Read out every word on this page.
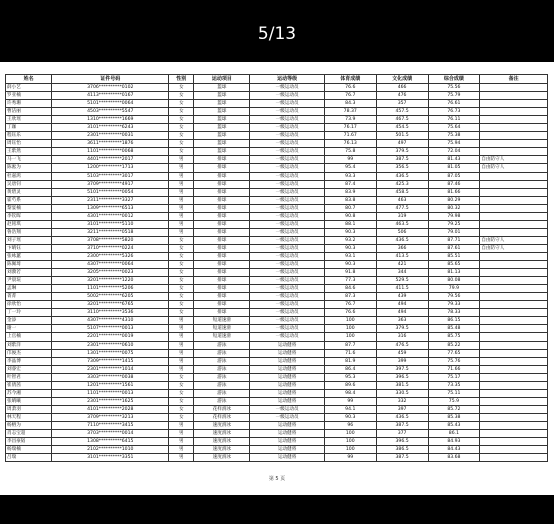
5/13
姓名	证件号码	性别	运动项目	运动等级	体育成绩	文化成绩	综合成绩	备注
薛小艺	3706**********0102	女	篮球	一级运动员	76.6	466	75.56	
罗亚楠	4113**********0167	女	篮球	一级运动员	76.7	476	75.79	
许秀珊	5101**********0064	女	篮球	一级运动员	84.3	357	76.61	
曹洁丽	4503**********5547	女	篮球	一级运动员	78.37	457.5	76.73	
王欣瑶	1310**********1669	女	篮球	一级运动员	73.9	467.5	76.11	
丁珈	3101**********6243	女	篮球	一级运动员	76.17	454.5	75.64	
程钰乐	2301**********0031	女	篮球	一级运动员	71.67	501.5	75.38	
周钰怡	3611**********1876	女	篮球	一级运动员	76.13	497	75.94	
王紫然	1101**********0068	女	篮球	一级运动员	75.8	379.5	72.04	
马一飞	4401**********2017	男	排球	一级运动员	99	387.5	81.43	自由防守人
陈淞为	1200**********1713	男	排球	一级运动员	95.4	356.5	81.05	自由防守人
杜嘉鸿	5103**********3017	男	排球	一级运动员	93.3	436.5	87.05	
吴唐钊	3709**********4917	男	排球	一级运动员	87.4	425.3	87.46	
黄碧灵	5101**********0054	男	排球	一级运动员	83.9	458.5	81.66	
霍芍系	2311**********3327	男	排球	一级运动员	83.8	463	80.29	
黎宴楠	1309**********6513	男	排球	一级运动员	80.7	477.5	80.32	
李钦晖	4301**********0012	男	排球	一级运动员	90.8	319	79.98	
赵铭琪	3101**********5110	男	排球	一级运动员	88.1	463.5	79.25	
鲁浩翔	3211**********0518	男	排球	一级运动员	90.3	506	79.01	
刘子瑶	3708**********5820	女	排球	一级运动员	93.2	436.5	87.71	自由防守人
卞晴钰	3710**********0224	女	排球	一级运动员	90.3	366	87.61	自由防守人
张咏蕙	2300**********5326	女	排球	一级运动员	93.1	413.5	85.51	
陈佩琦	4307**********0064	女	排球	一级运动员	90.3	421	85.65	
刘漪若	3205**********0023	女	排球	一级运动员	91.8	344	81.13	
尹晨瑄	3201**********1220	女	排球	一级运动员	77.3	529.5	80.08	
孟琳	1101**********5206	女	排球	一级运动员	84.6	411.5	79.9	
菁菁	5002**********6205	女	排球	一级运动员	87.3	439	79.56	
徐欣怡	3201**********6765	女	排球	一级运动员	76.7	494	79.33	
丁一玲	3110**********3536	女	排球	一级运动员	76.6	494	78.33	
金添	4307**********4310	男	短道速滑	一级运动员	100	363	86.15	
谢一	5107**********0013	男	短道速滑	一级运动员	100	379.5	85.48	
上官楠	2201**********0019	男	短道速滑	一级运动员	100	316	85.75	
刘紫洋	2301**********0610	男	游泳	运动健将	87.7	476.5	85.22	
邝俊杰	1301**********0075	男	游泳	运动健将	71.6	459	77.65	
李晶博	7309**********1415	男	游泳	运动健将	81.9	399	75.76	
刘睿宏	2301**********1014	男	游泳	运动健将	86.4	397.5	71.66	
叶智君	3303**********0038	女	游泳	运动健将	95.3	396.5	75.17	
崔倩茜	1201**********1561	女	游泳	运动健将	89.6	381.5	73.35	
苏今湘	1101**********0013	女	游泳	运动健将	98.4	330.5	75.11	
张晴曦	2301**********1625	女	游泳	运动健将	99	332	75.9	
周萧羽	4101**********2028	女	花样滑冰	一级运动员	94.1	397	85.72	
林天程	3709**********3213	女	花样滑冰	一级运动员	90.3	436.5	85.38	
杨榕为	7110**********3415	男	速度滑冰	运动健将	96	387.5	85.43	
肖志宝超	3703**********0014	男	速度滑冰	运动健将	100	377	86.1	
李昌豪韬	1308**********6415	男	速度滑冰	运动健将	100	396.5	84.93	
杨瑞楠	2102**********1010	男	速度滑冰	运动健将	100	386.5	84.43	
吕瑞	3101**********3351	男	速度滑冰	运动健将	99	387.5	83.68	
第 5 页
